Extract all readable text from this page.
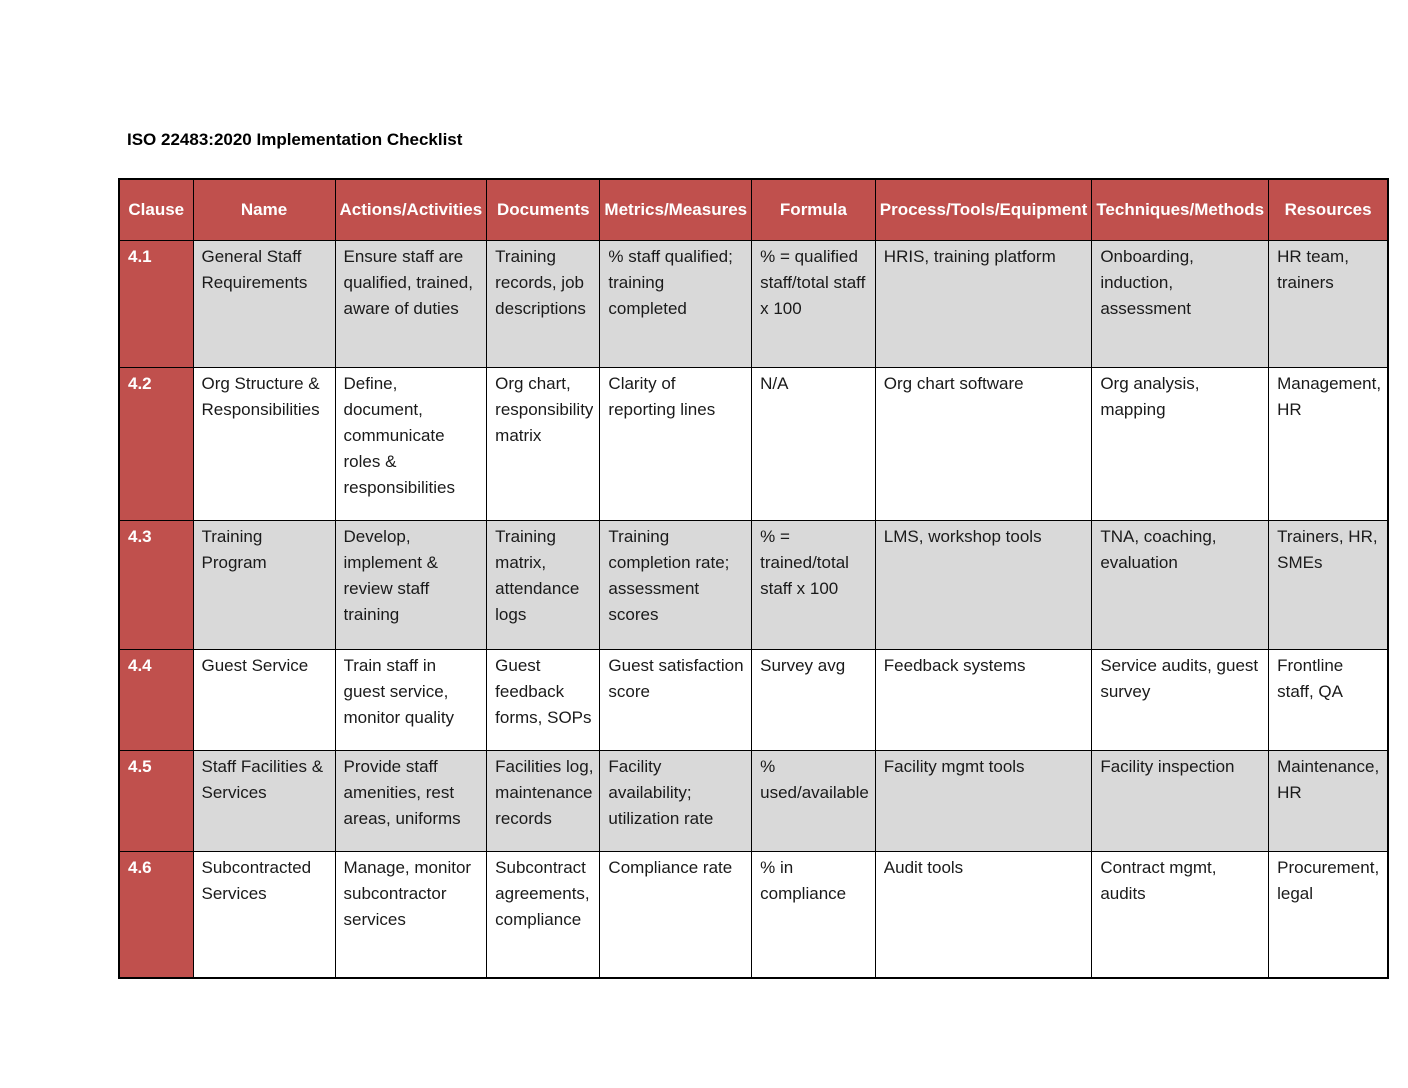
ISO 22483:2020 Implementation Checklist
Clause	Name	Actions/Activities	Documents	Metrics/Measures	Formula	Process/Tools/Equipment	Techniques/Methods	Resources

4.1	General Staff Requirements	Ensure staff are qualified, trained, aware of duties	Training records, job descriptions	% staff qualified; training completed	% = qualified staff/total staff x 100	HRIS, training platform	Onboarding, induction, assessment	HR team, trainers

4.2	Org Structure & Responsibilities	Define, document, communicate roles & responsibilities	Org chart, responsibility matrix	Clarity of reporting lines	N/A	Org chart software	Org analysis, mapping	Management, HR

4.3	Training Program	Develop, implement & review staff training	Training matrix, attendance logs	Training completion rate; assessment scores	% = trained/total staff x 100	LMS, workshop tools	TNA, coaching, evaluation	Trainers, HR, SMEs

4.4	Guest Service	Train staff in guest service, monitor quality	Guest feedback forms, SOPs	Guest satisfaction score	Survey avg	Feedback systems	Service audits, guest survey	Frontline staff, QA

4.5	Staff Facilities & Services	Provide staff amenities, rest areas, uniforms	Facilities log, maintenance records	Facility availability; utilization rate	% used/available	Facility mgmt tools	Facility inspection	Maintenance, HR

4.6	Subcontracted Services	Manage, monitor subcontractor services	Subcontract agreements, compliance	Compliance rate	% in compliance	Audit tools	Contract mgmt, audits	Procurement, legal
